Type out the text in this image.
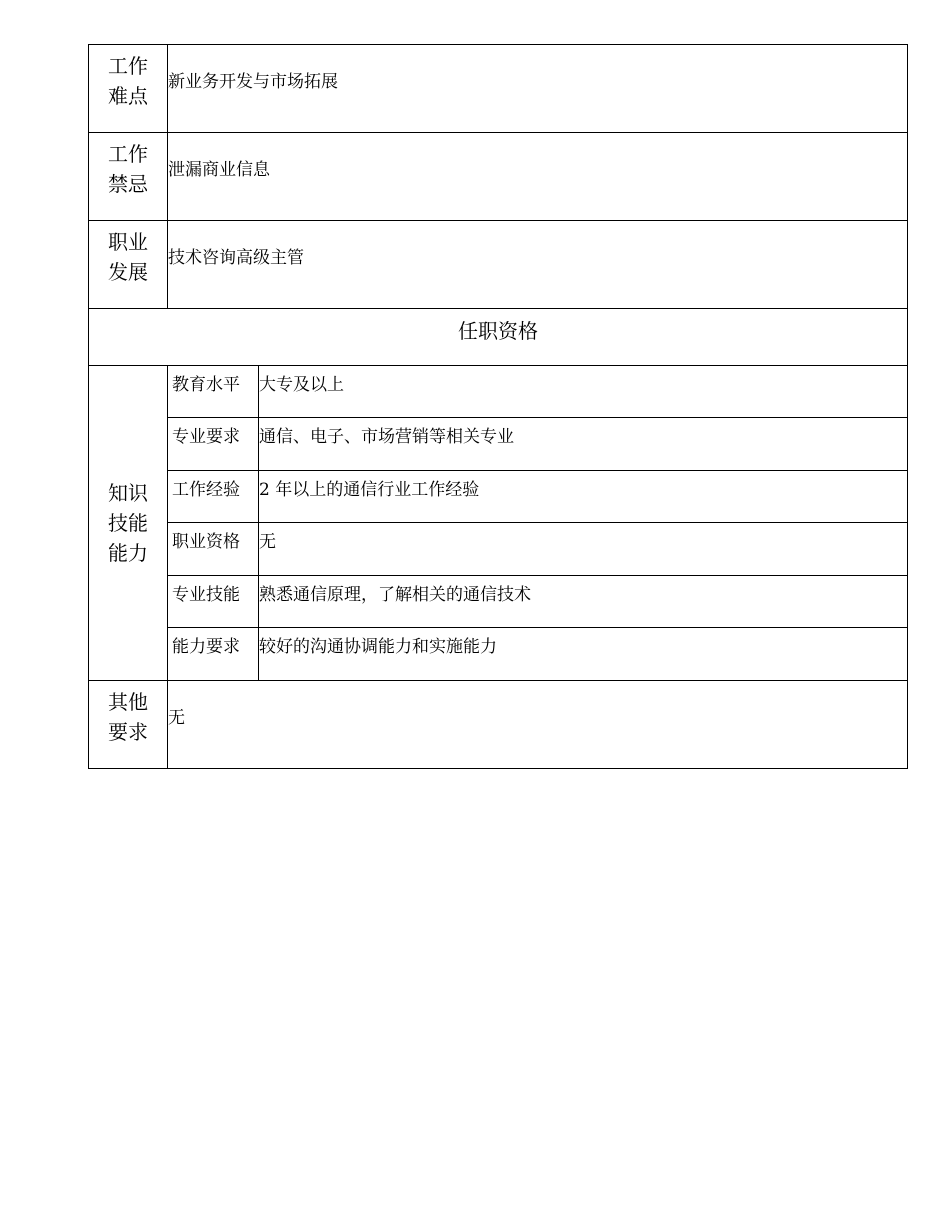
工作难点	新业务开发与市场拓展	
工作禁忌	泄漏商业信息	
职业发展	技术咨询高级主管	
任职资格		
知识技能能力	教育水平	大专及以上
	专业要求	通信、电子、市场营销等相关专业
	工作经验	2 年以上的通信行业工作经验
	职业资格	无
	专业技能	熟悉通信原理，了解相关的通信技术
	能力要求	较好的沟通协调能力和实施能力
其他要求	无	
